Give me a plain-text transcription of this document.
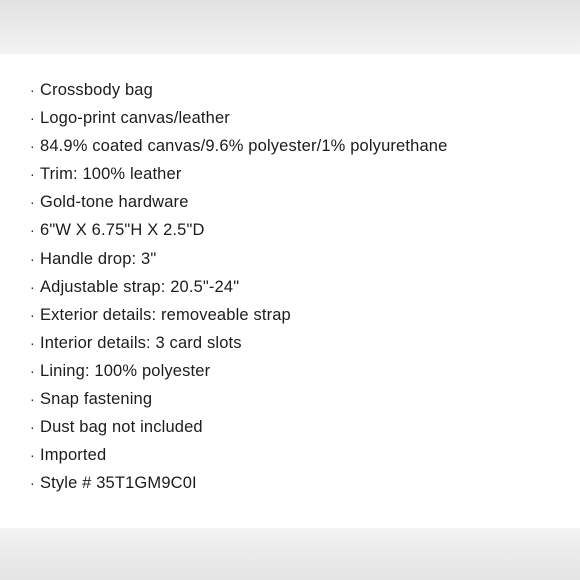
· Crossbody bag
· Logo-print canvas/leather
· 84.9% coated canvas/9.6% polyester/1% polyurethane
· Trim: 100% leather
· Gold-tone hardware
· 6"W X 6.75"H X 2.5"D
· Handle drop: 3"
· Adjustable strap: 20.5"-24"
· Exterior details: removeable strap
· Interior details: 3 card slots
· Lining: 100% polyester
· Snap fastening
· Dust bag not included
· Imported
· Style # 35T1GM9C0I
